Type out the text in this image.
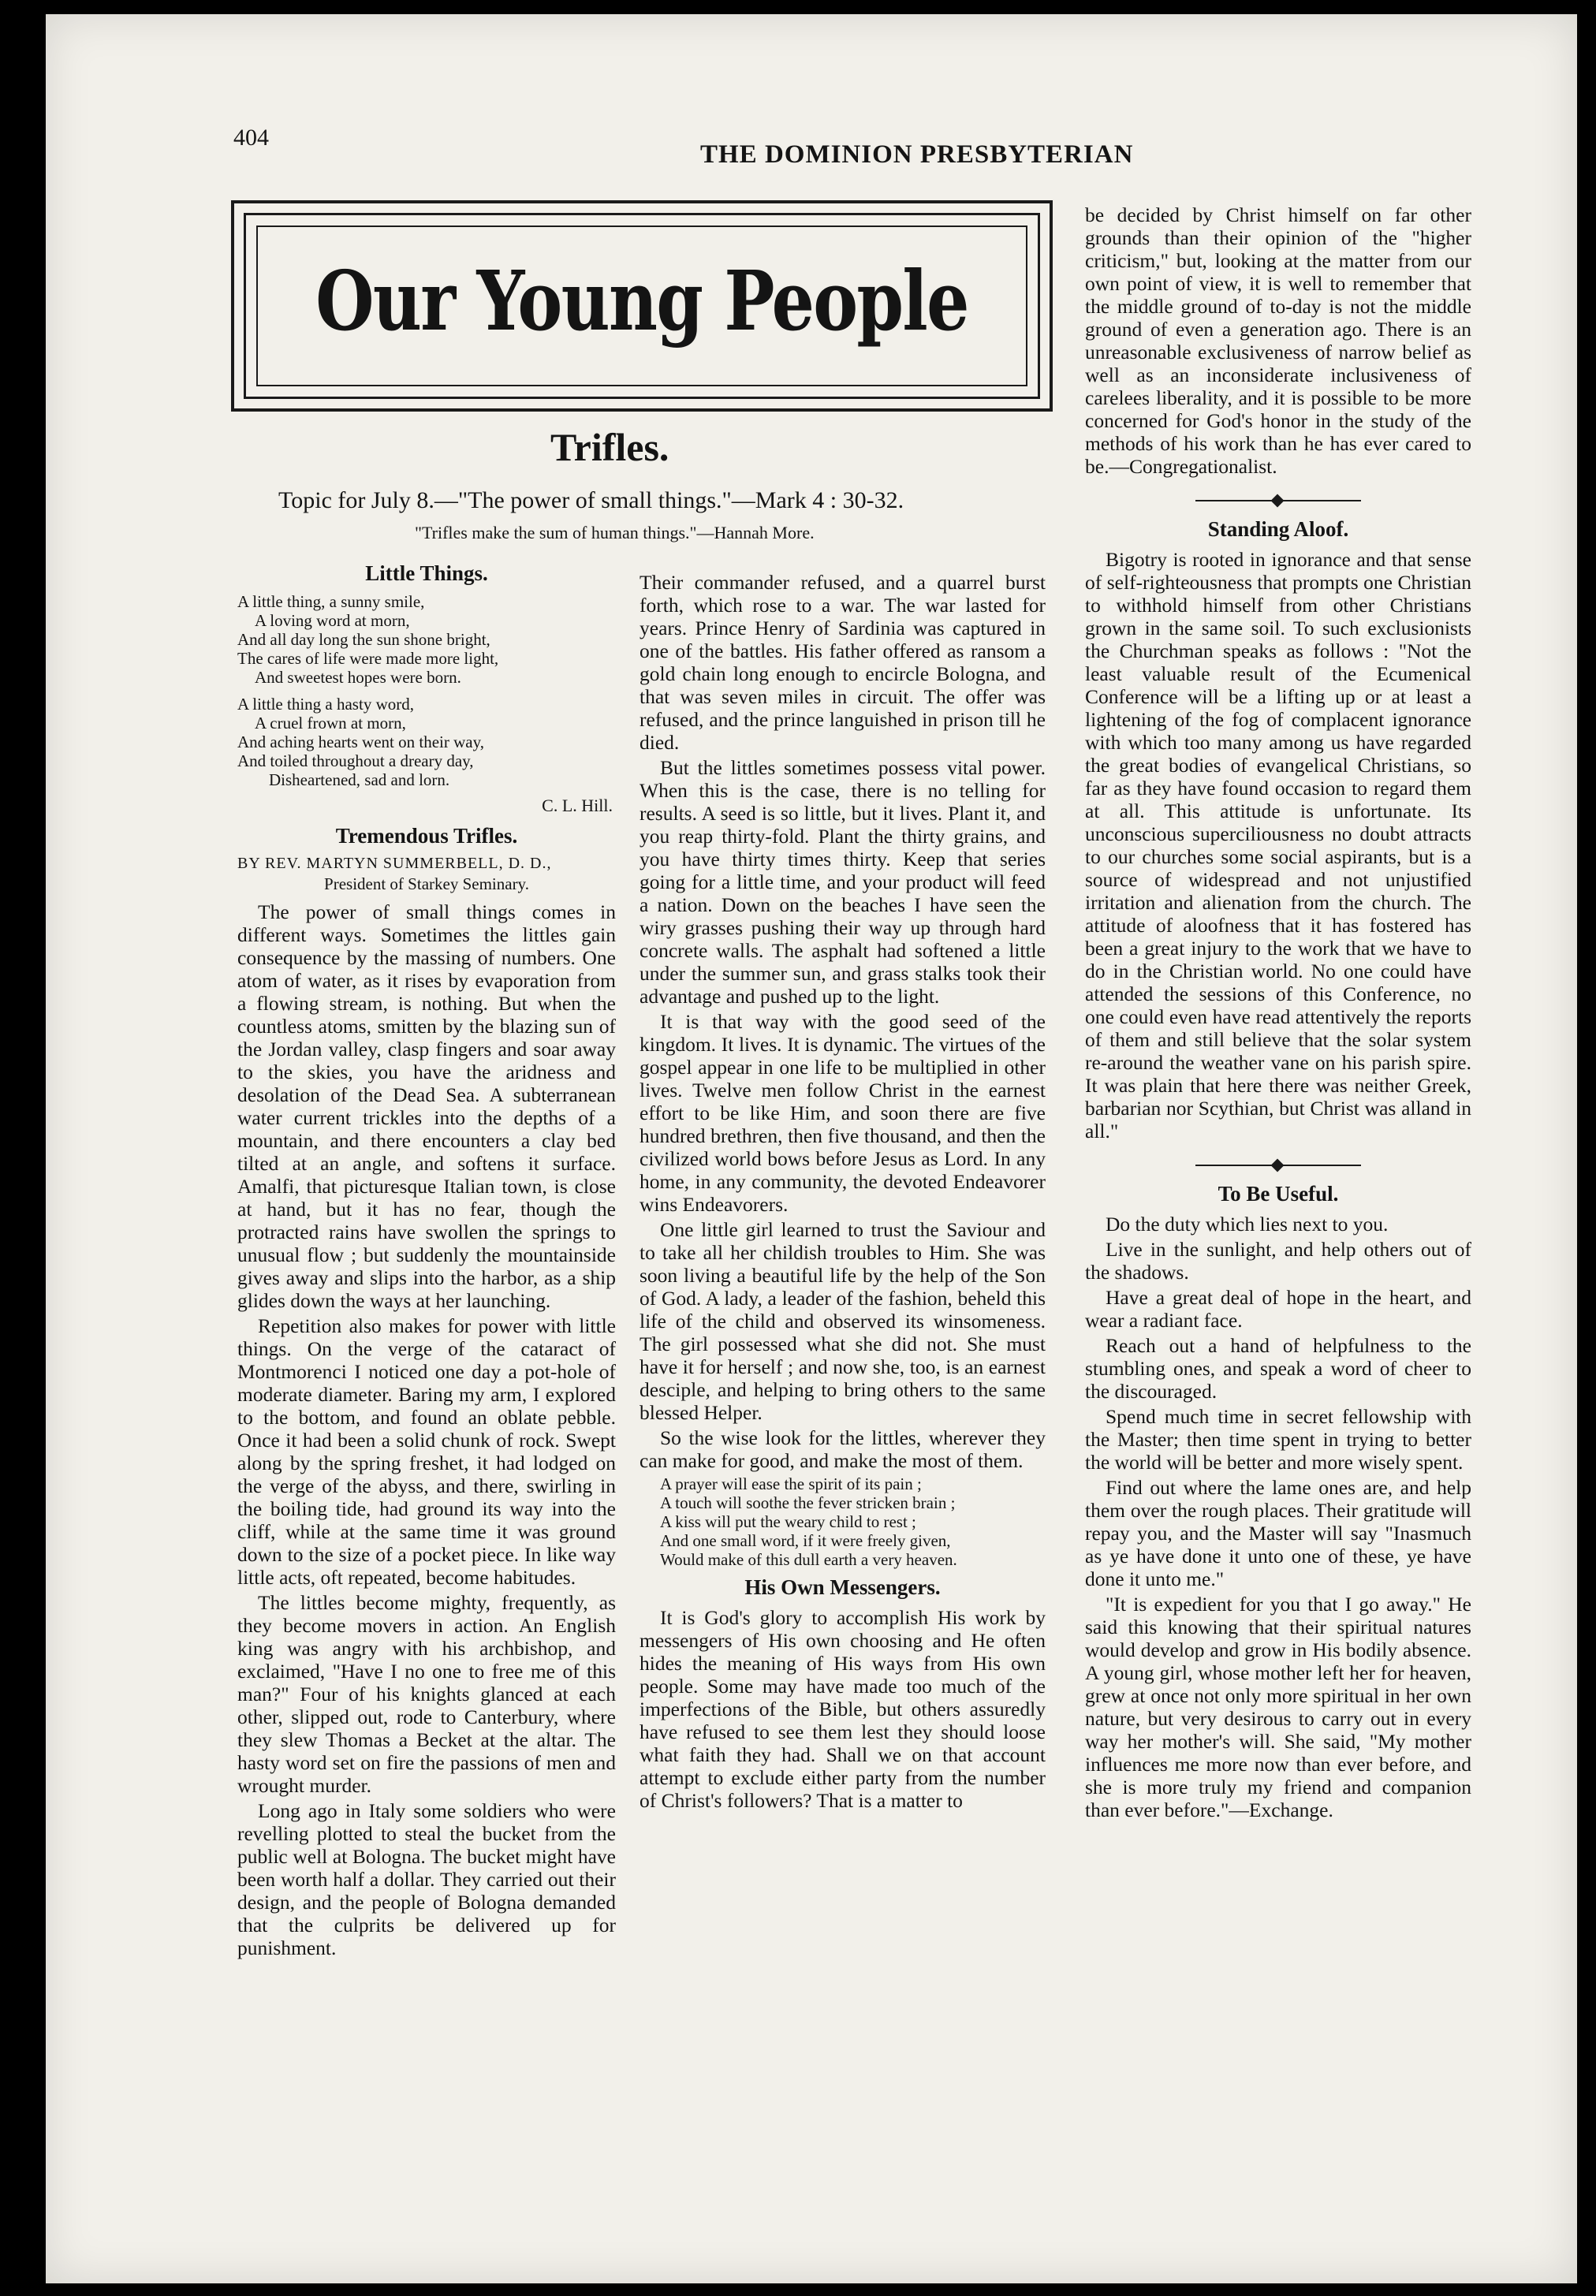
404
THE DOMINION PRESBYTERIAN
Our Young People
Trifles.
Topic for July 8.—"The power of small things."—Mark 4 : 30-32.
"Trifles make the sum of human things."—Hannah More.
Little Things.
A little thing, a sunny smile,
A loving word at morn,
And all day long the sun shone bright,
The cares of life were made more light,
And sweetest hopes were born.
A little thing a hasty word,
A cruel frown at morn,
And aching hearts went on their way,
And toiled throughout a dreary day,
Disheartened, sad and lorn.
C. L. Hill.
Tremendous Trifles.
BY REV. MARTYN SUMMERBELL, D. D.,
President of Starkey Seminary.

The power of small things comes in different ways. Sometimes the littles gain consequence by the massing of numbers. One atom of water, as it rises by evaporation from a flowing stream, is nothing. But when the countless atoms, smitten by the blazing sun of the Jordan valley, clasp fingers and soar away to the skies, you have the aridness and desolation of the Dead Sea. A subterranean water current trickles into the depths of a mountain, and there encounters a clay bed tilted at an angle, and softens it surface. Amalfi, that picturesque Italian town, is close at hand, but it has no fear, though the protracted rains have swollen the springs to unusual flow ; but suddenly the mountainside gives away and slips into the harbor, as a ship glides down the ways at her launching.

Repetition also makes for power with little things. On the verge of the cataract of Montmorenci I noticed one day a pot-hole of moderate diameter. Baring my arm, I explored to the bottom, and found an oblate pebble. Once it had been a solid chunk of rock. Swept along by the spring freshet, it had lodged on the verge of the abyss, and there, swirling in the boiling tide, had ground its way into the cliff, while at the same time it was ground down to the size of a pocket piece. In like way little acts, oft repeated, become habitudes.

The littles become mighty, frequently, as they become movers in action. An English king was angry with his archbishop, and exclaimed, "Have I no one to free me of this man?" Four of his knights glanced at each other, slipped out, rode to Canterbury, where they slew Thomas a Becket at the altar. The hasty word set on fire the passions of men and wrought murder.

Long ago in Italy some soldiers who were revelling plotted to steal the bucket from the public well at Bologna. The bucket might have been worth half a dollar. They carried out their design, and the people of Bologna demanded that the culprits be delivered up for punishment.

Their commander refused, and a quarrel burst forth, which rose to a war. The war lasted for years. Prince Henry of Sardinia was captured in one of the battles. His father offered as ransom a gold chain long enough to encircle Bologna, and that was seven miles in circuit. The offer was refused, and the prince languished in prison till he died.

But the littles sometimes possess vital power. When this is the case, there is no telling for results. A seed is so little, but it lives. Plant it, and you reap thirty-fold. Plant the thirty grains, and you have thirty times thirty. Keep that series going for a little time, and your product will feed a nation. Down on the beaches I have seen the wiry grasses pushing their way up through hard concrete walls. The asphalt had softened a little under the summer sun, and grass stalks took their advantage and pushed up to the light.

It is that way with the good seed of the kingdom. It lives. It is dynamic. The virtues of the gospel appear in one life to be multiplied in other lives. Twelve men follow Christ in the earnest effort to be like Him, and soon there are five hundred brethren, then five thousand, and then the civilized world bows before Jesus as Lord. In any home, in any community, the devoted Endeavorer wins Endeavorers.

One little girl learned to trust the Saviour and to take all her childish troubles to Him. She was soon living a beautiful life by the help of the Son of God. A lady, a leader of the fashion, beheld this life of the child and observed its winsomeness. The girl possessed what she did not. She must have it for herself ; and now she, too, is an earnest desciple, and helping to bring others to the same blessed Helper.

So the wise look for the littles, wherever they can make for good, and make the most of them.

A prayer will ease the spirit of its pain ;
A touch will soothe the fever stricken brain ;
A kiss will put the weary child to rest ;
And one small word, if it were freely given,
Would make of this dull earth a very heaven.
His Own Messengers.

It is God's glory to accomplish His work by messengers of His own choosing and He often hides the meaning of His ways from His own people. Some may have made too much of the imperfections of the Bible, but others assuredly have refused to see them lest they should loose what faith they had. Shall we on that account attempt to exclude either party from the number of Christ's followers? That is a matter to

be decided by Christ himself on far other grounds than their opinion of the "higher criticism," but, looking at the matter from our own point of view, it is well to remember that the middle ground of to-day is not the middle ground of even a generation ago. There is an unreasonable exclusiveness of narrow belief as well as an inconsiderate inclusiveness of carelees liberality, and it is possible to be more concerned for God's honor in the study of the methods of his work than he has ever cared to be.—Congregationalist.

Standing Aloof.

Bigotry is rooted in ignorance and that sense of self-righteousness that prompts one Christian to withhold himself from other Christians grown in the same soil. To such exclusionists the Churchman speaks as follows : "Not the least valuable result of the Ecumenical Conference will be a lifting up or at least a lightening of the fog of complacent ignorance with which too many among us have regarded the great bodies of evangelical Christians, so far as they have found occasion to regard them at all. This attitude is unfortunate. Its unconscious superciliousness no doubt attracts to our churches some social aspirants, but is a source of widespread and not unjustified irritation and alienation from the church. The attitude of aloofness that it has fostered has been a great injury to the work that we have to do in the Christian world. No one could have attended the sessions of this Conference, no one could even have read attentively the reports of them and still believe that the solar system re-around the weather vane on his parish spire. It was plain that here there was neither Greek, barbarian nor Scythian, but Christ was alland in all."

To Be Useful.

Do the duty which lies next to you.

Live in the sunlight, and help others out of the shadows.

Have a great deal of hope in the heart, and wear a radiant face.

Reach out a hand of helpfulness to the stumbling ones, and speak a word of cheer to the discouraged.

Spend much time in secret fellowship with the Master; then time spent in trying to better the world will be better and more wisely spent.

Find out where the lame ones are, and help them over the rough places. Their gratitude will repay you, and the Master will say "Inasmuch as ye have done it unto one of these, ye have done it unto me."

"It is expedient for you that I go away." He said this knowing that their spiritual natures would develop and grow in His bodily absence. A young girl, whose mother left her for heaven, grew at once not only more spiritual in her own nature, but very desirous to carry out in every way her mother's will. She said, "My mother influences me more now than ever before, and she is more truly my friend and companion than ever before."—Exchange.
